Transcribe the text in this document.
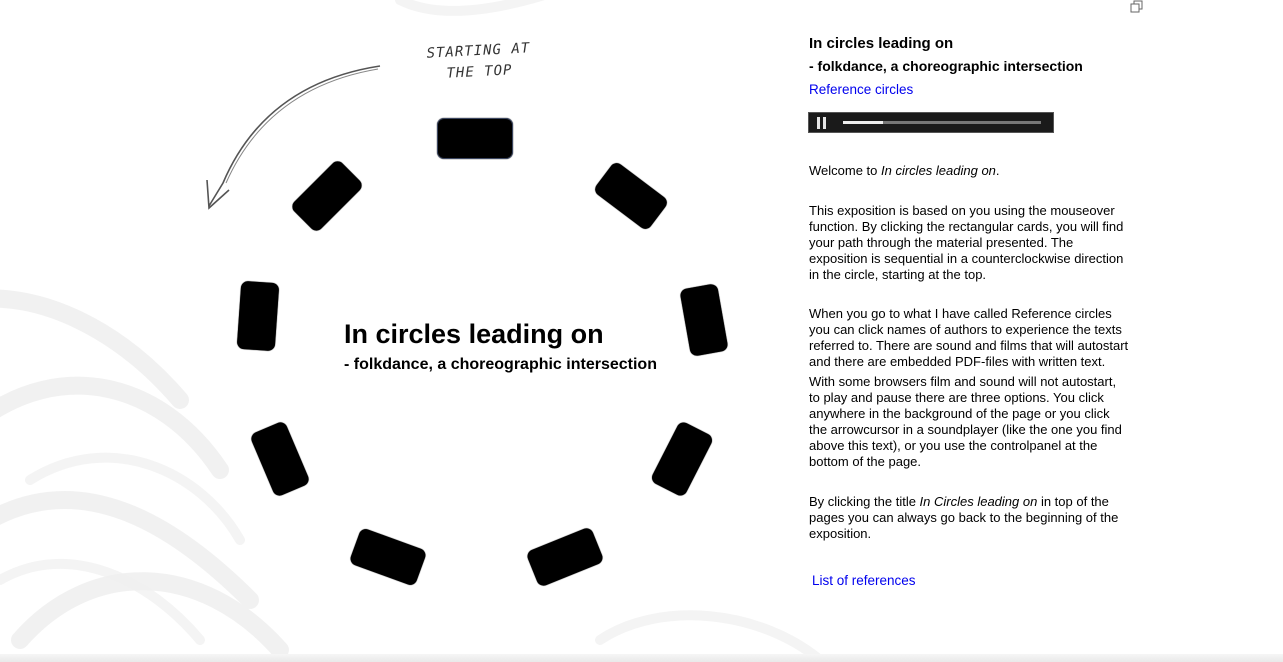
STARTING AT
THE TOP
In circles leading on
- folkdance, a choreographic intersection
In circles leading on
- folkdance, a choreographic intersection
Reference circles

Welcome to In circles leading on.

This exposition is based on you using the mouseover function. By clicking the rectangular cards, you will find your path through the material presented. The exposition is sequential in a counterclockwise direction in the circle, starting at the top.

When you go to what I have called Reference circles you can click names of authors to experience the texts referred to. There are sound and films that will autostart and there are embedded PDF-files with written text.

With some browsers film and sound will not autostart, to play and pause there are three options. You click anywhere in the background of the page or you click the arrowcursor in a soundplayer (like the one you find above this text), or you use the controlpanel at the bottom of the page.

By clicking the title In Circles leading on in top of the pages you can always go back to the beginning of the exposition.

List of references
